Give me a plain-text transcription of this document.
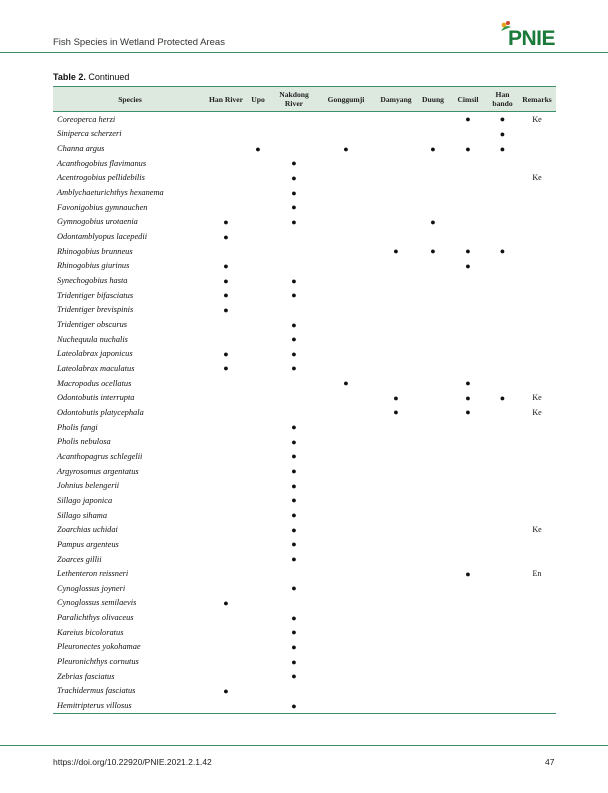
Fish Species in Wetland Protected Areas	PNIE
Table 2. Continued
Species	Han River	Upo	Nakdong River	Gonggumji	Damyang	Duung	Cimsil	Han bando	Remarks
Coreoperca herzi							●	●	Ke
Siniperca scherzeri								●	
Channa argus		●		●		●	●	●	
Acanthogobius flavimanus			●						
Acentrogobius pellidebilis			●						Ke
Amblychaeturichthys hexanema			●						
Favonigobius gymnauchen			●						
Gymnogobius urotaenia	●		●			●			
Odontamblyopus lacepedii	●								
Rhinogobius brunneus					●	●	●	●	
Rhinogobius giurinus	●						●		
Synechogobius hasta	●		●						
Tridentiger bifasciatus	●		●						
Tridentiger brevispinis	●								
Tridentiger obscurus			●						
Nuchequula nuchalis			●						
Lateolabrax japonicus	●		●						
Lateolabrax maculatus	●		●						
Macropodus ocellatus				●			●		
Odontobutis interrupta					●		●	●	Ke
Odontobutis platycephala					●		●		Ke
Pholis fangi			●						
Pholis nebulosa			●						
Acanthopagrus schlegelii			●						
Argyrosomus argentatus			●						
Johnius belengerii			●						
Sillago japonica			●						
Sillago sihama			●						
Zoarchias uchidai			●						Ke
Pampus argenteus			●						
Zoarces gillii			●						
Lethenteron reissneri							●		En
Cynoglossus joyneri			●						
Cynoglossus semilaevis	●								
Paralichthys olivaceus			●						
Kareius bicoloratus			●						
Pleuronectes yokohamae			●						
Pleuronichthys cornutus			●						
Zebrias fasciatus			●						
Trachidermus fasciatus	●								
Hemitripterus villosus			●						
https://doi.org/10.22920/PNIE.2021.2.1.42	47
